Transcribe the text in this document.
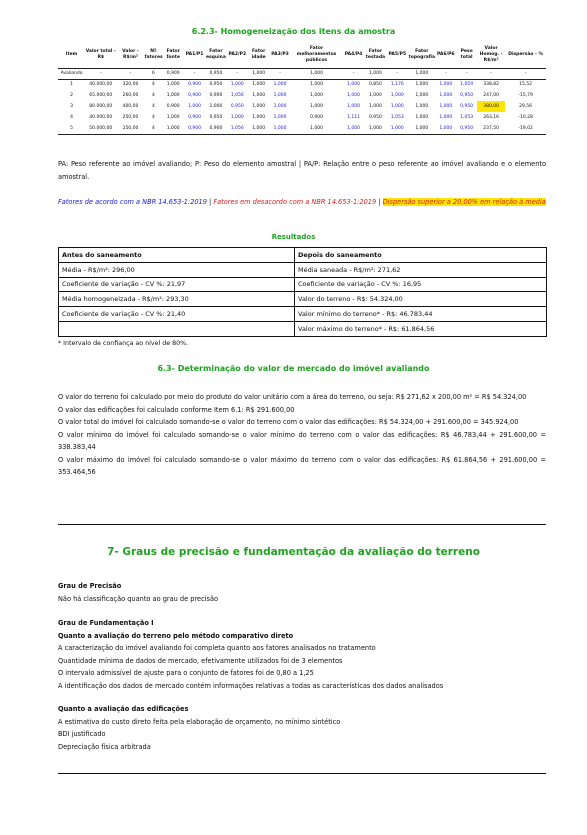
6.2.3- Homogeneização dos itens da amostra
Item	Valor total - R$	Valor - R$/m²	Nº fatores	Fator fonte	PA1/P1	Fator esquina	PA2/P2	Fator idade	PA3/P3	Fator melhoramentos públicos	PA4/P4	Fator testada	PA5/P5	Fator topografia	PA6/P6	Peso total	Valor Homog. - R$/m²	Dispersão - %
Avaliando	-	-	6	0,900	-	0,950	-	1,000	-	1,000	-	1,000	-	1,000	-	-	-	-
1	40.000,00	320,00	4	1,000	0,900	0,950	1,000	1,000	1,000	1,000	1,000	0,850	1,176	1,000	1,000	1,059	338,82	15,52
2	65.000,00	260,00	4	1,000	0,900	0,900	1,056	1,000	1,000	1,000	1,000	1,000	1,000	1,000	1,000	0,950	247,00	-15,79
3	80.000,00	400,00	4	0,900	1,000	1,000	0,950	1,000	1,000	1,000	1,000	1,000	1,000	1,000	1,000	0,950	380,00	29,56
4	40.000,00	250,00	4	1,000	0,900	0,950	1,000	1,000	1,000	0,900	1,111	0,950	1,053	1,000	1,000	1,053	263,16	-10,28
5	50.000,00	250,00	4	1,000	0,900	0,900	1,056	1,000	1,000	1,000	1,000	1,000	1,000	1,000	1,000	0,950	237,50	-19,02
PA: Peso referente ao imóvel avaliando; P: Peso do elemento amostral | PA/P: Relação entre o peso referente ao imóvel avaliando e o elemento amostral.
Fatores de acordo com a NBR 14.653-1:2019 | Fatores em desacordo com a NBR 14.653-1:2019 | Dispersão superior a 20,00% em relação à media
Resultados
Antes do saneamento	Depois do saneamento
Média - R$/m²: 296,00	Média saneada - R$/m²: 271,62
Coeficiente de variação - CV %: 21,97	Coeficiente de variação - CV %: 16,95
Média homogeneizada - R$/m²: 293,30	Valor do terreno - R$: 54.324,00
Coeficiente de variação - CV %: 21,40	Valor mínimo do terreno* - R$: 46.783,44
	Valor máximo do terreno* - R$: 61.864,56
* Intervalo de confiança ao nível de 80%.
6.3- Determinação do valor de mercado do imóvel avaliando
O valor do terreno foi calculado por meio do produto do valor unitário com a área do terreno, ou seja: R$ 271,62 x 200,00 m² = R$ 54.324,00
O valor das edificações foi calculado conforme Item 6.1: R$ 291.600,00
O valor total do imóvel foi calculado somando-se o valor do terreno com o valor das edificações: R$ 54.324,00 + 291.600,00 = 345.924,00
O valor mínimo do imóvel foi calculado somando-se o valor mínimo do terreno com o valor das edificações: R$ 46.783,44 + 291.600,00 = 338.383,44
O valor máximo do imóvel foi calculado somando-se o valor máximo do terreno com o valor das edificações: R$ 61.864,56 + 291.600,00 = 353.464,56
7- Graus de precisão e fundamentação da avaliação do terreno
Grau de Precisão
Não há classificação quanto ao grau de precisão
Grau de Fundamentação I
Quanto a avaliação do terreno pelo método comparativo direto
A caracterização do imóvel avaliando foi completa quanto aos fatores analisados no tratamento
Quantidade mínima de dados de mercado, efetivamente utilizados foi de 3 elementos
O intervalo admissível de ajuste para o conjunto de fatores foi de 0,80 a 1,25
A identificação dos dados de mercado contém informações relativas a todas as características dos dados analisados
Quanto a avaliação das edificações
A estimativa do custo direto feita pela elaboração de orçamento, no mínimo sintético
BDI justificado
Depreciação física arbitrada
